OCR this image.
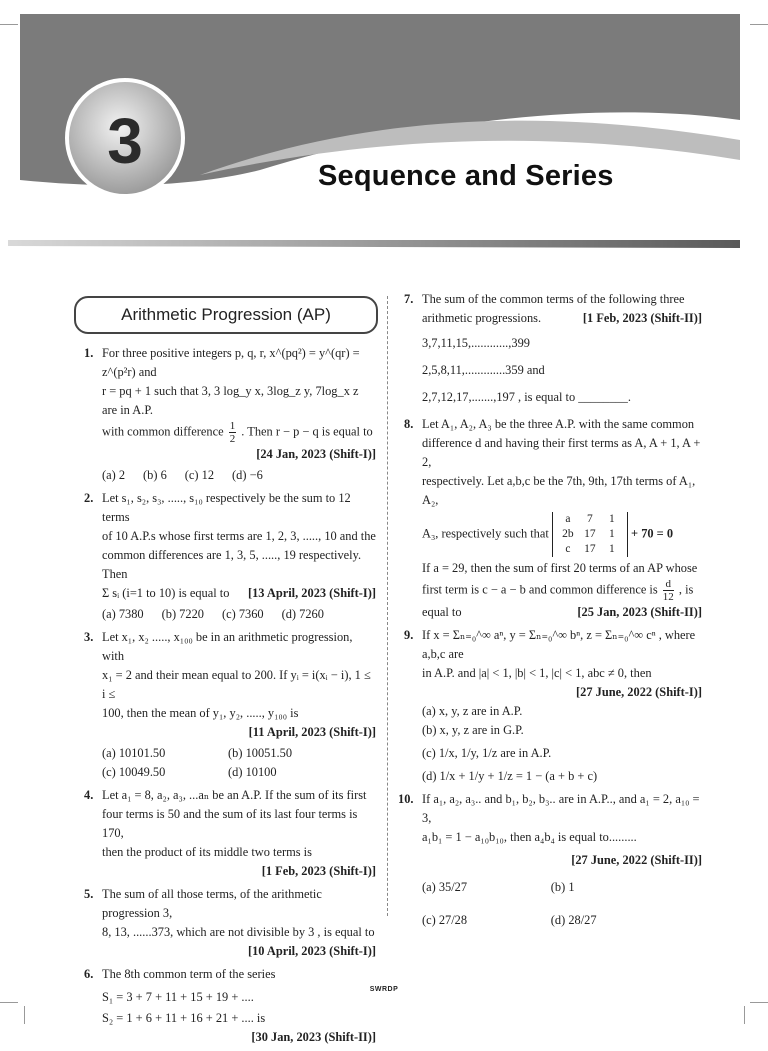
3	Sequence and Series
Arithmetic Progression (AP)
1. For three positive integers p, q, r, x^(pq²) = y^(qr) = z^(p²r) and
r = pq + 1 such that 3, 3 log_y x, 3log_z y, 7log_x z are in A.P.
with common difference $\frac{1}{2}$ . Then r − p − q is equal to
[24 Jan, 2023 (Shift-I)]
(a) 2 (b) 6 (c) 12 (d) −6
2. Let s₁, s₂, s₃, ....., s₁₀ respectively be the sum to 12 terms
of 10 A.P.s whose first terms are 1, 2, 3, ....., 10 and the
common differences are 1, 3, 5, ....., 19 respectively. Then
Σ sᵢ (i=1 to 10) is equal to [13 April, 2023 (Shift-I)]
(a) 7380 (b) 7220 (c) 7360 (d) 7260
3. Let x₁, x₂ ....., x₁₀₀ be in an arithmetic progression, with
x₁ = 2 and their mean equal to 200. If yᵢ = i(xᵢ − i), 1 ≤ i ≤
100, then the mean of y₁, y₂, ....., y₁₀₀ is
[11 April, 2023 (Shift-I)]
(a) 10101.50	(b) 10051.50
(c) 10049.50	(d) 10100
4. Let a₁ = 8, a₂, a₃, ...aₙ be an A.P. If the sum of its first
four terms is 50 and the sum of its last four terms is 170,
then the product of its middle two terms is
[1 Feb, 2023 (Shift-I)]
5. The sum of all those terms, of the arithmetic progression 3,
8, 13, ......373, which are not divisible by 3 , is equal to
[10 April, 2023 (Shift-I)]
6. The 8th common term of the series
S₁ = 3 + 7 + 11 + 15 + 19 + ....
S₂ = 1 + 6 + 11 + 16 + 21 + .... is
[30 Jan, 2023 (Shift-II)]
7. The sum of the common terms of the following three
arithmetic progressions.	[1 Feb, 2023 (Shift-II)]
3,7,11,15,............,399
2,5,8,11,.............359 and
2,7,12,17,.......,197 , is equal to ________.
8. Let A₁, A₂, A₃ be the three A.P. with the same common
difference d and having their first terms as A, A + 1, A + 2,
respectively. Let a,b,c be the 7th, 9th, 17th terms of A₁, A₂,
A₃, respectively such that
a	7	1
2b 17	1
c	17	1
+ 70 = 0
If a = 29, then the sum of first 20 terms of an AP whose
first term is c − a − b and common difference is $\frac{d}{12}$ , is
equal to	[25 Jan, 2023 (Shift-II)]
9. If x = Σₙ₌₀^∞ aⁿ, y = Σₙ₌₀^∞ bⁿ, z = Σₙ₌₀^∞ cⁿ , where a,b,c are
in A.P. and |a| < 1, |b| < 1, |c| < 1, abc ≠ 0, then
[27 June, 2022 (Shift-I)]
(a) x, y, z are in A.P.
(b) x, y, z are in G.P.
(c) 1/x, 1/y, 1/z are in A.P.
(d) 1/x + 1/y + 1/z = 1 − (a + b + c)
10. If a₁, a₂, a₃.. and b₁, b₂, b₃.. are in A.P.., and a₁ = 2, a₁₀ = 3,
a₁b₁ = 1 − a₁₀b₁₀, then a₄b₄ is equal to.........
[27 June, 2022 (Shift-II)]
(a) 35/27	(b) 1
(c) 27/28	(d) 28/27
SWRDP
